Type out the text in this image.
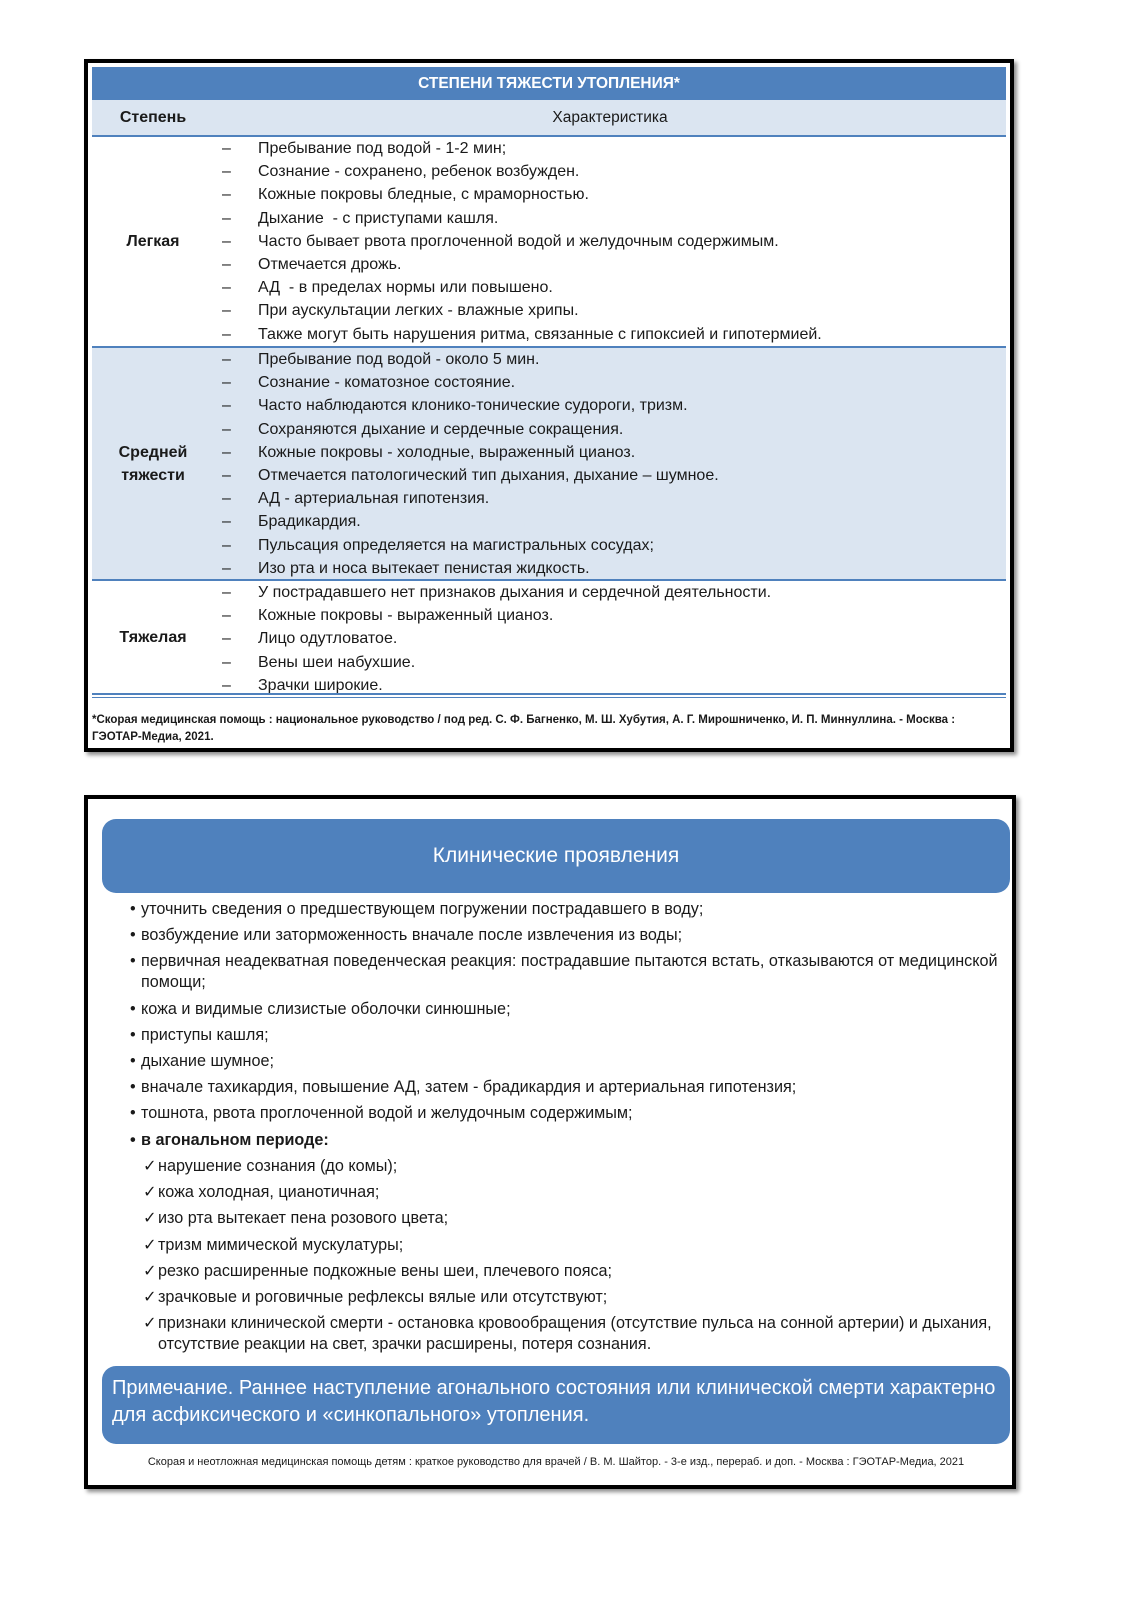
СТЕПЕНИ ТЯЖЕСТИ УТОПЛЕНИЯ*
Степень	Характеристика
Легкая
– Пребывание под водой - 1-2 мин;
– Сознание - сохранено, ребенок возбужден.
– Кожные покровы бледные, с мраморностью.
– Дыхание  - с приступами кашля.
– Часто бывает рвота проглоченной водой и желудочным содержимым.
– Отмечается дрожь.
– АД  - в пределах нормы или повышено.
– При аускультации легких - влажные хрипы.
– Также могут быть нарушения ритма, связанные с гипоксией и гипотермией.
Средней тяжести
– Пребывание под водой - около 5 мин.
– Сознание - коматозное состояние.
– Часто наблюдаются клонико-тонические судороги, тризм.
– Сохраняются дыхание и сердечные сокращения.
– Кожные покровы - холодные, выраженный цианоз.
– Отмечается патологический тип дыхания, дыхание – шумное.
– АД - артериальная гипотензия.
– Брадикардия.
– Пульсация определяется на магистральных сосудах;
– Изо рта и носа вытекает пенистая жидкость.
Тяжелая
– У пострадавшего нет признаков дыхания и сердечной деятельности.
– Кожные покровы - выраженный цианоз.
– Лицо одутловатое.
– Вены шеи набухшие.
– Зрачки широкие.
*Скорая медицинская помощь : национальное руководство / под ред. С. Ф. Багненко, М. Ш. Хубутия, А. Г. Мирошниченко, И. П. Миннуллина. - Москва : ГЭОТАР-Медиа, 2021.
Клинические проявления
• уточнить сведения о предшествующем погружении пострадавшего в воду;
• возбуждение или заторможенность вначале после извлечения из воды;
• первичная неадекватная поведенческая реакция: пострадавшие пытаются встать, отказываются от медицинской помощи;
• кожа и видимые слизистые оболочки синюшные;
• приступы кашля;
• дыхание шумное;
• вначале тахикардия, повышение АД, затем - брадикардия и артериальная гипотензия;
• тошнота, рвота проглоченной водой и желудочным содержимым;
• в агональном периоде:
✓ нарушение сознания (до комы);
✓ кожа холодная, цианотичная;
✓ изо рта вытекает пена розового цвета;
✓ тризм мимической мускулатуры;
✓ резко расширенные подкожные вены шеи, плечевого пояса;
✓ зрачковые и роговичные рефлексы вялые или отсутствуют;
✓ признаки клинической смерти - остановка кровообращения (отсутствие пульса на сонной артерии) и дыхания, отсутствие реакции на свет, зрачки расширены, потеря сознания.
Примечание. Раннее наступление агонального состояния или клинической смерти характерно для асфиксического и «синкопального» утопления.
Скорая и неотложная медицинская помощь детям : краткое руководство для врачей / В. М. Шайтор. - 3-е изд., перераб. и доп. - Москва : ГЭОТАР-Медиа, 2021
